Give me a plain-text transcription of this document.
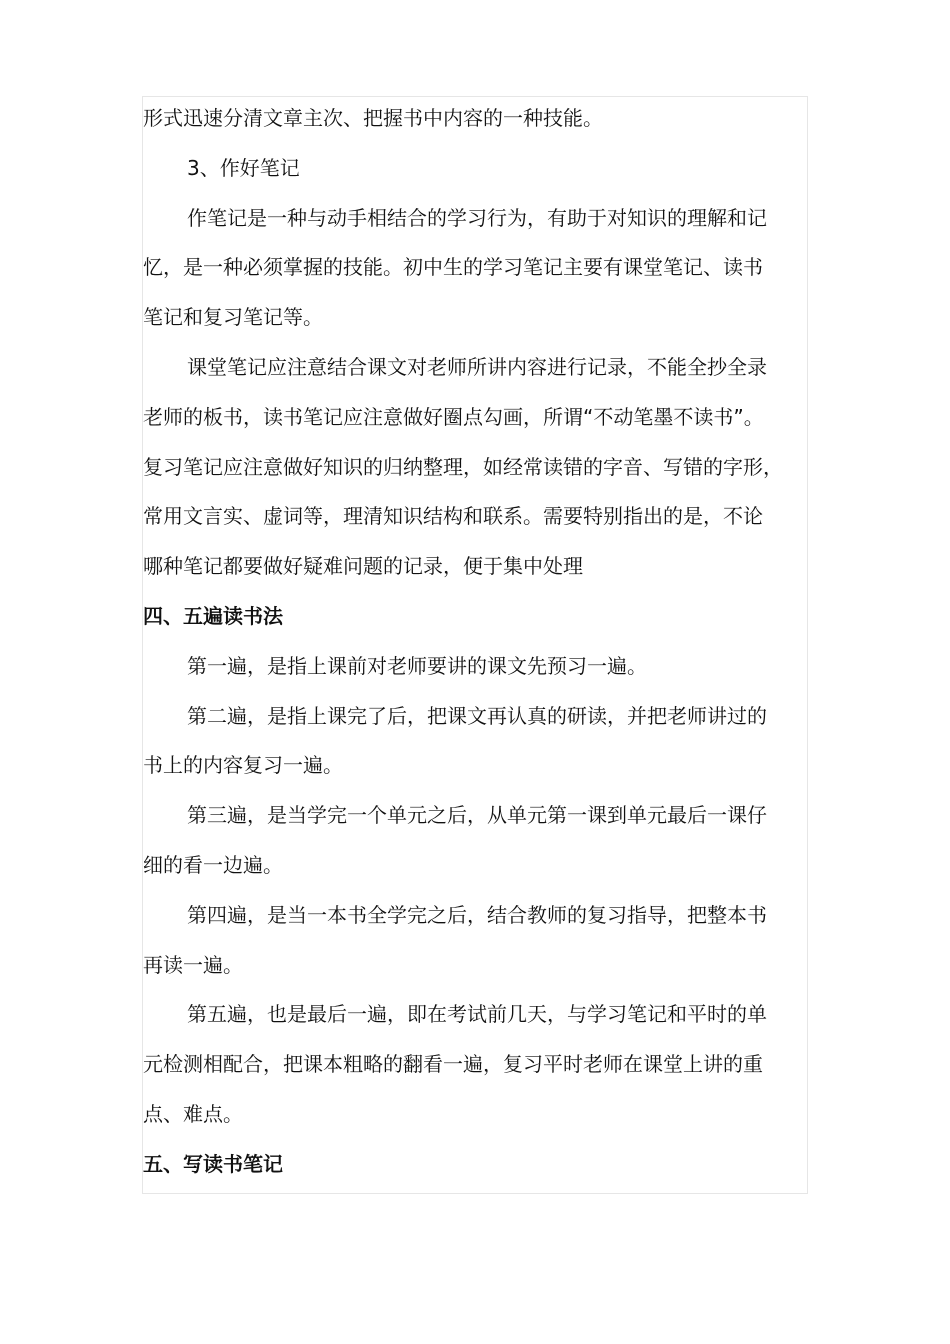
形式迅速分清文章主次、把握书中内容的一种技能。
3、作好笔记
作笔记是一种与动手相结合的学习行为，有助于对知识的理解和记
忆，是一种必须掌握的技能。初中生的学习笔记主要有课堂笔记、读书
笔记和复习笔记等。
课堂笔记应注意结合课文对老师所讲内容进行记录，不能全抄全录
老师的板书，读书笔记应注意做好圈点勾画，所谓“不动笔墨不读书”。
复习笔记应注意做好知识的归纳整理，如经常读错的字音、写错的字形，
常用文言实、虚词等，理清知识结构和联系。需要特别指出的是，不论
哪种笔记都要做好疑难问题的记录，便于集中处理
四、五遍读书法
第一遍，是指上课前对老师要讲的课文先预习一遍。
第二遍，是指上课完了后，把课文再认真的研读，并把老师讲过的
书上的内容复习一遍。
第三遍，是当学完一个单元之后，从单元第一课到单元最后一课仔
细的看一边遍。
第四遍，是当一本书全学完之后，结合教师的复习指导，把整本书
再读一遍。
第五遍，也是最后一遍，即在考试前几天，与学习笔记和平时的单
元检测相配合，把课本粗略的翻看一遍，复习平时老师在课堂上讲的重
点、难点。
五、写读书笔记
